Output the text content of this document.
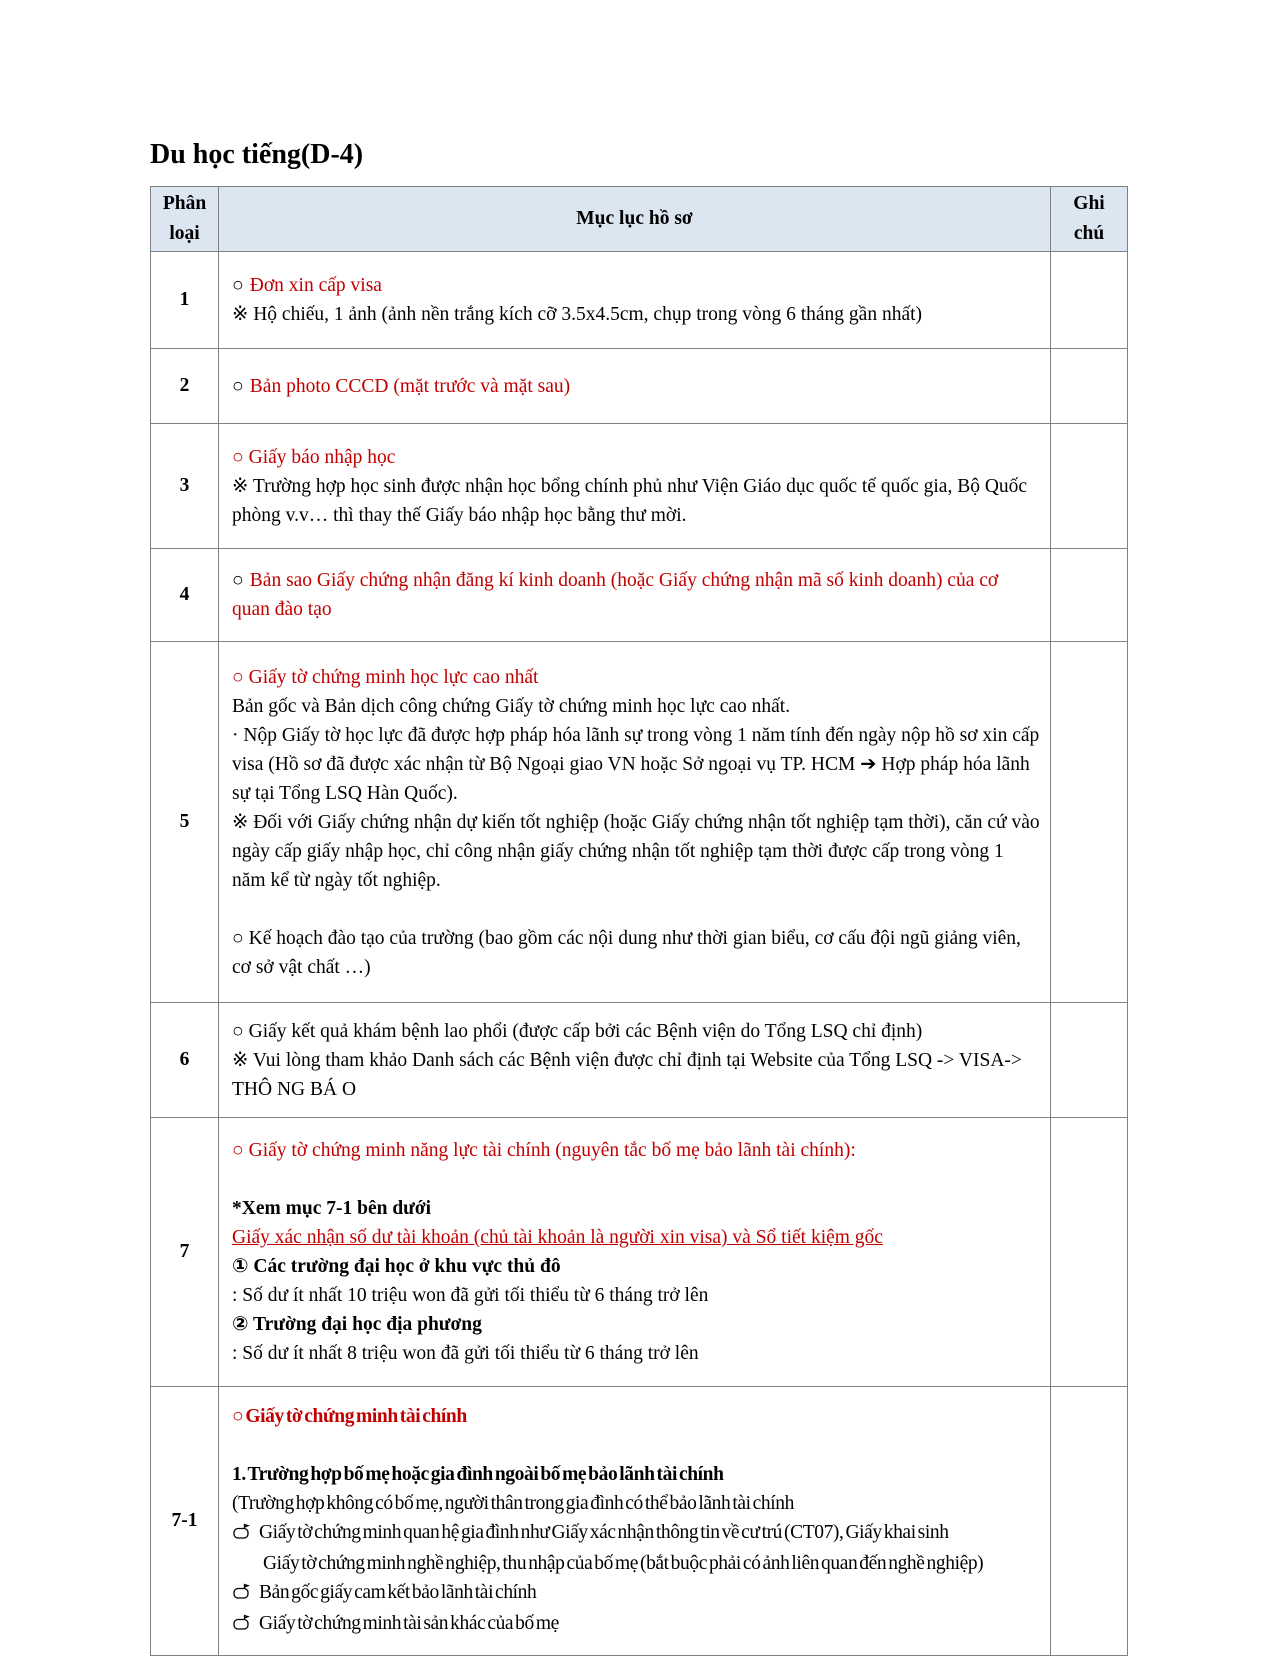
Du học tiếng(D-4)
Phân loại	Mục lục hồ sơ	Ghi chú
1	○ Đơn xin cấp visa
※ Hộ chiếu, 1 ảnh (ảnh nền trắng kích cỡ 3.5x4.5cm, chụp trong vòng 6 tháng gần nhất)	

2	○ Bản photo CCCD (mặt trước và mặt sau)	

3	○ Giấy báo nhập học
※ Trường hợp học sinh được nhận học bổng chính phủ như Viện Giáo dục quốc tế quốc gia, Bộ Quốc phòng v.v… thì thay thế Giấy báo nhập học bằng thư mời.	

4	○ Bản sao Giấy chứng nhận đăng kí kinh doanh (hoặc Giấy chứng nhận mã số kinh doanh) của cơ quan đào tạo	

5	○ Giấy tờ chứng minh học lực cao nhất
Bản gốc và Bản dịch công chứng Giấy tờ chứng minh học lực cao nhất.
· Nộp Giấy tờ học lực đã được hợp pháp hóa lãnh sự trong vòng 1 năm tính đến ngày nộp hồ sơ xin cấp visa (Hồ sơ đã được xác nhận từ Bộ Ngoại giao VN hoặc Sở ngoại vụ TP. HCM ➔ Hợp pháp hóa lãnh sự tại Tổng LSQ Hàn Quốc).
※ Đối với Giấy chứng nhận dự kiến tốt nghiệp (hoặc Giấy chứng nhận tốt nghiệp tạm thời), căn cứ vào ngày cấp giấy nhập học, chỉ công nhận giấy chứng nhận tốt nghiệp tạm thời được cấp trong vòng 1 năm kể từ ngày tốt nghiệp.
○ Kế hoạch đào tạo của trường (bao gồm các nội dung như thời gian biểu, cơ cấu đội ngũ giảng viên, cơ sở vật chất …)	

6	○ Giấy kết quả khám bệnh lao phổi (được cấp bởi các Bệnh viện do Tổng LSQ chỉ định)
※ Vui lòng tham khảo Danh sách các Bệnh viện được chỉ định tại Website của Tổng LSQ -> VISA-> THÔ NG BÁ O	

7	
○ Giấy tờ chứng minh năng lực tài chính (nguyên tắc bố mẹ bảo lãnh tài chính):
*Xem mục 7-1 bên dưới
Giấy xác nhận số dư tài khoản (chủ tài khoản là người xin visa) và Sổ tiết kiệm gốc
① Các trường đại học ở khu vực thủ đô
: Số dư ít nhất 10 triệu won đã gửi tối thiểu từ 6 tháng trở lên
② Trường đại học địa phương
: Số dư ít nhất 8 triệu won đã gửi tối thiểu từ 6 tháng trở lên

7-1	
○ Giấy tờ chứng minh tài chính
1. Trường hợp bố mẹ hoặc gia đình ngoài bố mẹ bảo lãnh tài chính
(Trường hợp không có bố mẹ, người thân trong gia đình có thể bảo lãnh tài chính
Giấy tờ chứng minh quan hệ gia đình như Giấy xác nhận thông tin về cư trú (CT07), Giấy khai sinh
Giấy tờ chứng minh nghề nghiệp, thu nhập của bố mẹ (bắt buộc phải có ảnh liên quan đến nghề nghiệp)
Bản gốc giấy cam kết bảo lãnh tài chính
Giấy tờ chứng minh tài sản khác của bố mẹ
